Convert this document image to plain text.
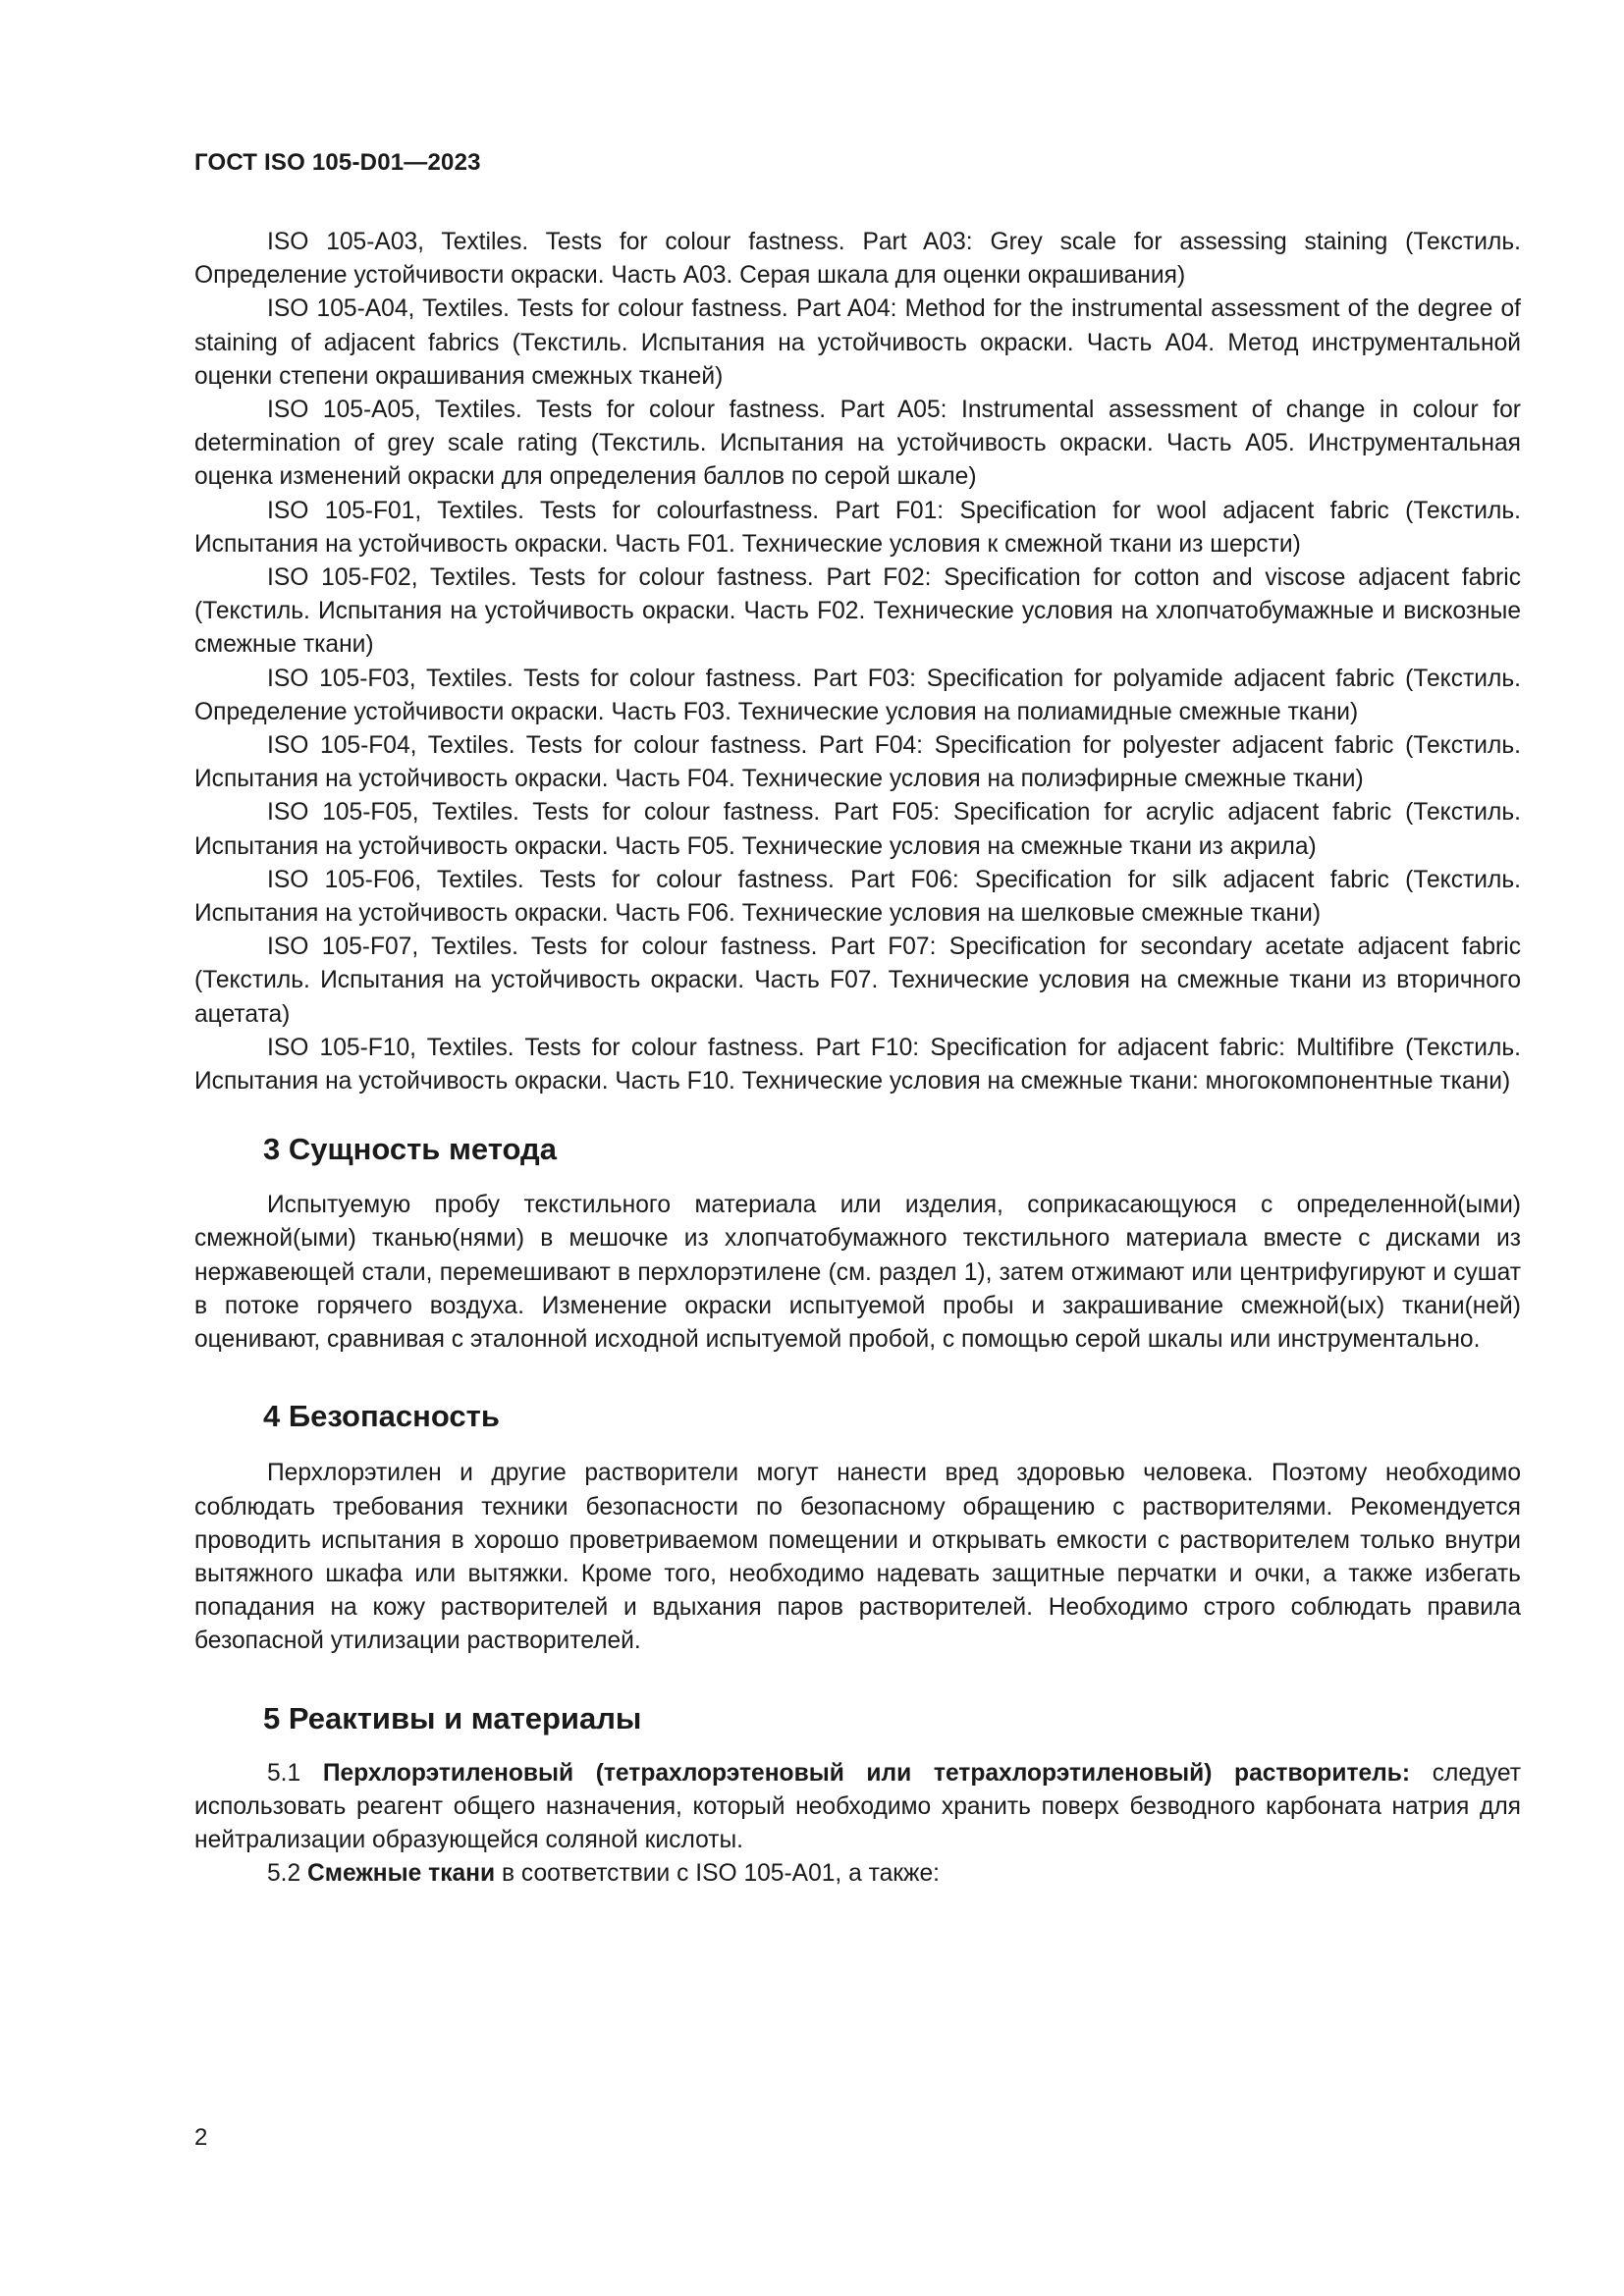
ГОСТ ISO 105-D01—2023

ISO 105-A03, Textiles. Tests for colour fastness. Part A03: Grey scale for assessing staining (Текстиль. Определение устойчивости окраски. Часть А03. Серая шкала для оценки окрашивания)

ISO 105-A04, Textiles. Tests for colour fastness. Part A04: Method for the instrumental assessment of the degree of staining of adjacent fabrics (Текстиль. Испытания на устойчивость окраски. Часть А04. Метод инструментальной оценки степени окрашивания смежных тканей)

ISO 105-A05, Textiles. Tests for colour fastness. Part A05: Instrumental assessment of change in colour for determination of grey scale rating (Текстиль. Испытания на устойчивость окраски. Часть А05. Инструментальная оценка изменений окраски для определения баллов по серой шкале)

ISO 105-F01, Textiles. Tests for colourfastness. Part F01: Specification for wool adjacent fabric (Текстиль. Испытания на устойчивость окраски. Часть F01. Технические условия к смежной ткани из шерсти)

ISO 105-F02, Textiles. Tests for colour fastness. Part F02: Specification for cotton and viscose adjacent fabric (Текстиль. Испытания на устойчивость окраски. Часть F02. Технические условия на хлопчатобумажные и вискозные смежные ткани)

ISO 105-F03, Textiles. Tests for colour fastness. Part F03: Specification for polyamide adjacent fabric (Текстиль. Определение устойчивости окраски. Часть F03. Технические условия на полиамидные смежные ткани)

ISO 105-F04, Textiles. Tests for colour fastness. Part F04: Specification for polyester adjacent fabric (Текстиль. Испытания на устойчивость окраски. Часть F04. Технические условия на полиэфирные смежные ткани)

ISO 105-F05, Textiles. Tests for colour fastness. Part F05: Specification for acrylic adjacent fabric (Текстиль. Испытания на устойчивость окраски. Часть F05. Технические условия на смежные ткани из акрила)

ISO 105-F06, Textiles. Tests for colour fastness. Part F06: Specification for silk adjacent fabric (Текстиль. Испытания на устойчивость окраски. Часть F06. Технические условия на шелковые смежные ткани)

ISO 105-F07, Textiles. Tests for colour fastness. Part F07: Specification for secondary acetate adjacent fabric (Текстиль. Испытания на устойчивость окраски. Часть F07. Технические условия на смежные ткани из вторичного ацетата)

ISO 105-F10, Textiles. Tests for colour fastness. Part F10: Specification for adjacent fabric: Multifibre (Текстиль. Испытания на устойчивость окраски. Часть F10. Технические условия на смежные ткани: многокомпонентные ткани)

3 Сущность метода

Испытуемую пробу текстильного материала или изделия, соприкасающуюся с определенной(ыми) смежной(ыми) тканью(нями) в мешочке из хлопчатобумажного текстильного материала вместе с дисками из нержавеющей стали, перемешивают в перхлорэтилене (см. раздел 1), затем отжимают или центрифугируют и сушат в потоке горячего воздуха. Изменение окраски испытуемой пробы и закрашивание смежной(ых) ткани(ней) оценивают, сравнивая с эталонной исходной испытуемой пробой, с помощью серой шкалы или инструментально.

4 Безопасность

Перхлорэтилен и другие растворители могут нанести вред здоровью человека. Поэтому необходимо соблюдать требования техники безопасности по безопасному обращению с растворителями. Рекомендуется проводить испытания в хорошо проветриваемом помещении и открывать емкости с растворителем только внутри вытяжного шкафа или вытяжки. Кроме того, необходимо надевать защитные перчатки и очки, а также избегать попадания на кожу растворителей и вдыхания паров растворителей. Необходимо строго соблюдать правила безопасной утилизации растворителей.

5 Реактивы и материалы

5.1 Перхлорэтиленовый (тетрахлорэтеновый или тетрахлорэтиленовый) растворитель: следует использовать реагент общего назначения, который необходимо хранить поверх безводного карбоната натрия для нейтрализации образующейся соляной кислоты.

5.2 Смежные ткани в соответствии с ISO 105-A01, а также:

2
